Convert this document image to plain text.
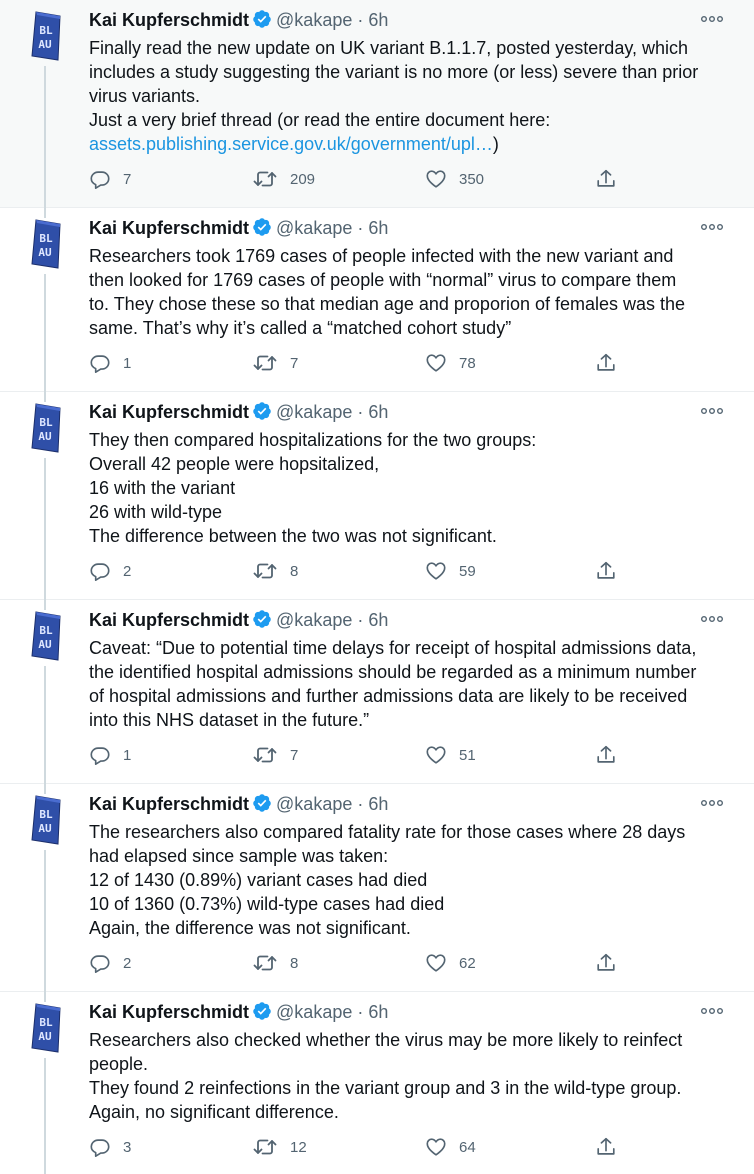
BL
AU
Kai Kupferschmidt @kakape · 6h
Finally read the new update on UK variant B.1.1.7, posted yesterday, which
includes a study suggesting the variant is no more (or less) severe than prior
virus variants.
Just a very brief thread (or read the entire document here:
assets.publishing.service.gov.uk/government/upl…)
7	209	350
BL
AU
Kai Kupferschmidt @kakape · 6h
Researchers took 1769 cases of people infected with the new variant and
then looked for 1769 cases of people with “normal” virus to compare them
to. They chose these so that median age and proporion of females was the
same. That’s why it’s called a “matched cohort study”
1	7	78
BL
AU
Kai Kupferschmidt @kakape · 6h
They then compared hospitalizations for the two groups:
Overall 42 people were hopsitalized,
16 with the variant
26 with wild-type
The difference between the two was not significant.
2	8	59
BL
AU
Kai Kupferschmidt @kakape · 6h
Caveat: “Due to potential time delays for receipt of hospital admissions data,
the identified hospital admissions should be regarded as a minimum number
of hospital admissions and further admissions data are likely to be received
into this NHS dataset in the future.”
1	7	51
BL
AU
Kai Kupferschmidt @kakape · 6h
The researchers also compared fatality rate for those cases where 28 days
had elapsed since sample was taken:
12 of 1430 (0.89%) variant cases had died
10 of 1360 (0.73%) wild-type cases had died
Again, the difference was not significant.
2	8	62
BL
AU
Kai Kupferschmidt @kakape · 6h
Researchers also checked whether the virus may be more likely to reinfect
people.
They found 2 reinfections in the variant group and 3 in the wild-type group.
Again, no significant difference.
3	12	64
